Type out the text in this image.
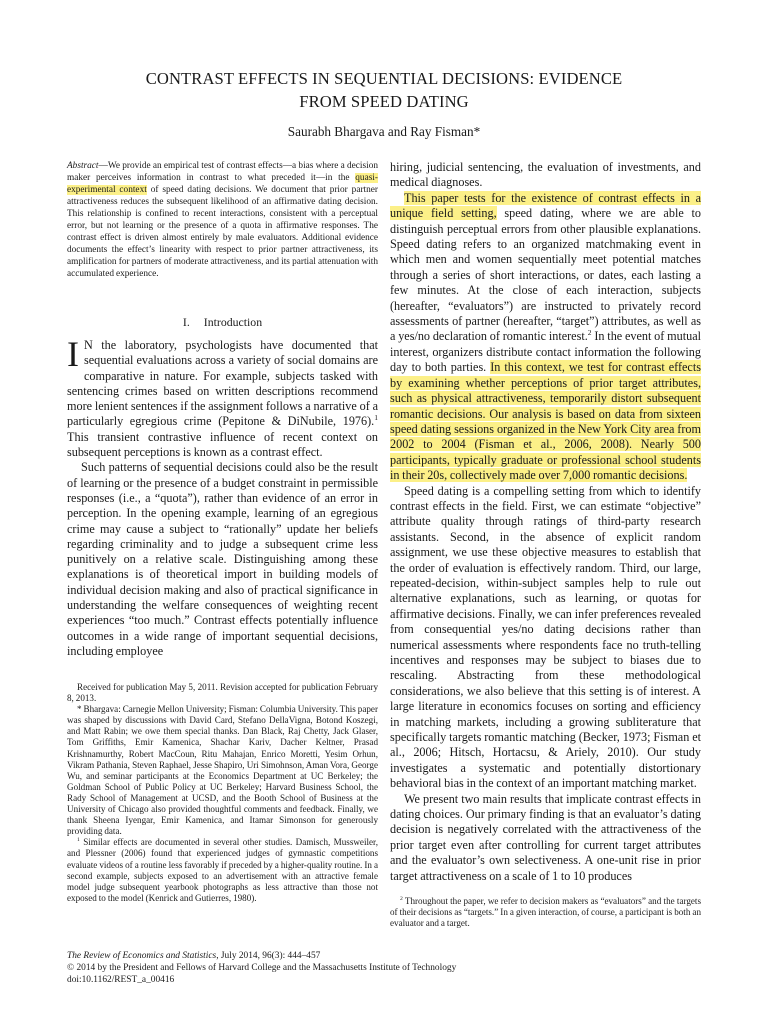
CONTRAST EFFECTS IN SEQUENTIAL DECISIONS: EVIDENCE
FROM SPEED DATING
Saurabh Bhargava and Ray Fisman*
Abstract—We provide an empirical test of contrast effects—a bias where a decision maker perceives information in contrast to what preceded it—in the quasi-experimental context of speed dating decisions. We document that prior partner attractiveness reduces the subsequent likelihood of an affirmative dating decision. This relationship is confined to recent interactions, consistent with a perceptual error, but not learning or the presence of a quota in affirmative responses. The contrast effect is driven almost entirely by male evaluators. Additional evidence documents the effect’s linearity with respect to prior partner attractiveness, its amplification for partners of moderate attractiveness, and its partial attenuation with accumulated experience.
I. Introduction

I N the laboratory, psychologists have documented that sequential evaluations across a variety of social domains are comparative in nature. For example, subjects tasked with sentencing crimes based on written descriptions recommend more lenient sentences if the assignment follows a narrative of a particularly egregious crime (Pepitone & DiNubile, 1976).$^1$ This transient contrastive influence of recent context on subsequent perceptions is known as a contrast effect.

Such patterns of sequential decisions could also be the result of learning or the presence of a budget constraint in permissible responses (i.e., a “quota”), rather than evidence of an error in perception. In the opening example, learning of an egregious crime may cause a subject to “rationally” update her beliefs regarding criminality and to judge a subsequent crime less punitively on a relative scale. Distinguishing among these explanations is of theoretical import in building models of individual decision making and also of practical significance in understanding the welfare consequences of weighting recent experiences “too much.” Contrast effects potentially influence outcomes in a wide range of important sequential decisions, including employee

Received for publication May 5, 2011. Revision accepted for publication February 8, 2013.

* Bhargava: Carnegie Mellon University; Fisman: Columbia University. This paper was shaped by discussions with David Card, Stefano DellaVigna, Botond Koszegi, and Matt Rabin; we owe them special thanks. Dan Black, Raj Chetty, Jack Glaser, Tom Griffiths, Emir Kamenica, Shachar Kariv, Dacher Keltner, Prasad Krishnamurthy, Robert MacCoun, Ritu Mahajan, Enrico Moretti, Yesim Orhun, Vikram Pathania, Steven Raphael, Jesse Shapiro, Uri Simohnson, Aman Vora, George Wu, and seminar participants at the Economics Department at UC Berkeley; the Goldman School of Public Policy at UC Berkeley; Harvard Business School, the Rady School of Management at UCSD, and the Booth School of Business at the University of Chicago also provided thoughtful comments and feedback. Finally, we thank Sheena Iyengar, Emir Kamenica, and Itamar Simonson for generously providing data.

$^1$ Similar effects are documented in several other studies. Damisch, Mussweiler, and Plessner (2006) found that experienced judges of gymnastic competitions evaluate videos of a routine less favorably if preceded by a higher-quality routine. In a second example, subjects exposed to an advertisement with an attractive female model judge subsequent yearbook photographs as less attractive than those not exposed to the model (Kenrick and Gutierres, 1980).

hiring, judicial sentencing, the evaluation of investments, and medical diagnoses.

This paper tests for the existence of contrast effects in a unique field setting, speed dating, where we are able to distinguish perceptual errors from other plausible explanations. Speed dating refers to an organized matchmaking event in which men and women sequentially meet potential matches through a series of short interactions, or dates, each lasting a few minutes. At the close of each interaction, subjects (hereafter, “evaluators”) are instructed to privately record assessments of partner (hereafter, “target”) attributes, as well as a yes/no declaration of romantic interest.$^2$ In the event of mutual interest, organizers distribute contact information the following day to both parties. In this context, we test for contrast effects by examining whether perceptions of prior target attributes, such as physical attractiveness, temporarily distort subsequent romantic decisions. Our analysis is based on data from sixteen speed dating sessions organized in the New York City area from 2002 to 2004 (Fisman et al., 2006, 2008). Nearly 500 participants, typically graduate or professional school students in their 20s, collectively made over 7,000 romantic decisions.

Speed dating is a compelling setting from which to identify contrast effects in the field. First, we can estimate “objective” attribute quality through ratings of third-party research assistants. Second, in the absence of explicit random assignment, we use these objective measures to establish that the order of evaluation is effectively random. Third, our large, repeated-decision, within-subject samples help to rule out alternative explanations, such as learning, or quotas for affirmative decisions. Finally, we can infer preferences revealed from consequential yes/no dating decisions rather than numerical assessments where respondents face no truth-telling incentives and responses may be subject to biases due to rescaling. Abstracting from these methodological considerations, we also believe that this setting is of interest. A large literature in economics focuses on sorting and efficiency in matching markets, including a growing subliterature that specifically targets romantic matching (Becker, 1973; Fisman et al., 2006; Hitsch, Hortacsu, & Ariely, 2010). Our study investigates a systematic and potentially distortionary behavioral bias in the context of an important matching market.

We present two main results that implicate contrast effects in dating choices. Our primary finding is that an evaluator’s dating decision is negatively correlated with the attractiveness of the prior target even after controlling for current target attributes and the evaluator’s own selectiveness. A one-unit rise in prior target attractiveness on a scale of 1 to 10 produces

$^2$ Throughout the paper, we refer to decision makers as “evaluators” and the targets of their decisions as “targets.” In a given interaction, of course, a participant is both an evaluator and a target.

The Review of Economics and Statistics, July 2014, 96(3): 444–457
© 2014 by the President and Fellows of Harvard College and the Massachusetts Institute of Technology
doi:10.1162/REST_a_00416
